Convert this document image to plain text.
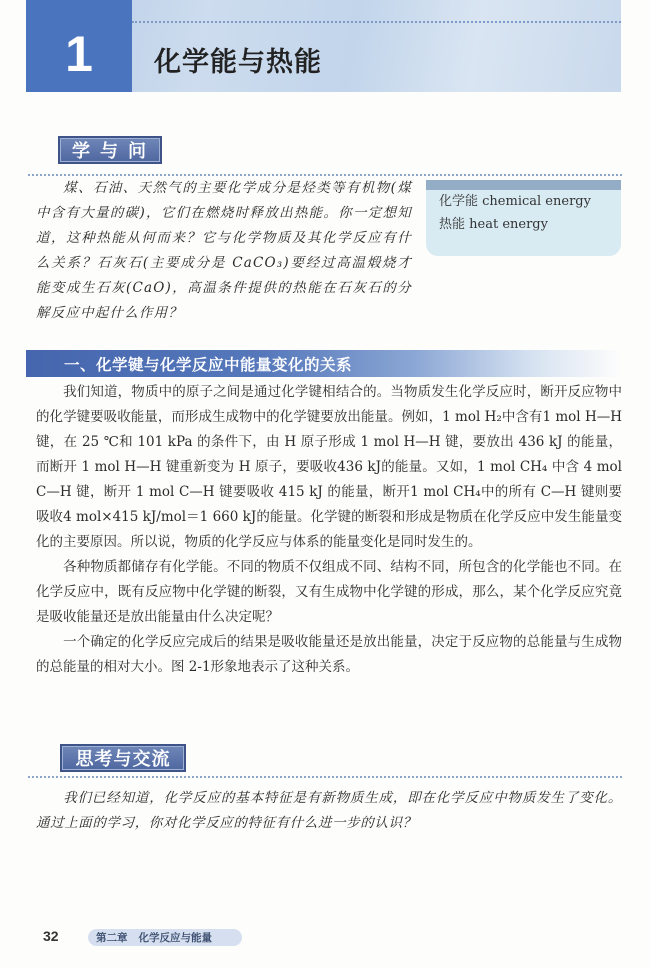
1 化学能与热能
学与问
煤、石油、天然气的主要化学成分是烃类等有机物(煤中含有大量的碳)，它们在燃烧时释放出热能。你一定想知道，这种热能从何而来？它与化学物质及其化学反应有什么关系？石灰石(主要成分是 CaCO₃)要经过高温煅烧才能变成生石灰(CaO)，高温条件提供的热能在石灰石的分解反应中起什么作用？
化学能 chemical energy
热能 heat energy
一、化学键与化学反应中能量变化的关系

我们知道，物质中的原子之间是通过化学键相结合的。当物质发生化学反应时，断开反应物中的化学键要吸收能量，而形成生成物中的化学键要放出能量。例如，1 mol H₂中含有1 mol H—H键，在 25 ℃和 101 kPa 的条件下，由 H 原子形成 1 mol H—H 键，要放出 436 kJ 的能量，而断开 1 mol H—H 键重新变为 H 原子，要吸收436 kJ的能量。又如，1 mol CH₄ 中含 4 mol C—H 键，断开 1 mol C—H 键要吸收 415 kJ 的能量，断开1 mol CH₄中的所有 C—H 键则要吸收4 mol×415 kJ/mol＝1 660 kJ的能量。化学键的断裂和形成是物质在化学反应中发生能量变化的主要原因。所以说，物质的化学反应与体系的能量变化是同时发生的。

各种物质都储存有化学能。不同的物质不仅组成不同、结构不同，所包含的化学能也不同。在化学反应中，既有反应物中化学键的断裂，又有生成物中化学键的形成，那么，某个化学反应究竟是吸收能量还是放出能量由什么决定呢？

一个确定的化学反应完成后的结果是吸收能量还是放出能量，决定于反应物的总能量与生成物的总能量的相对大小。图 2-1形象地表示了这种关系。

思考与交流
我们已经知道，化学反应的基本特征是有新物质生成，即在化学反应中物质发生了变化。通过上面的学习，你对化学反应的特征有什么进一步的认识？
32	第二章   化学反应与能量
